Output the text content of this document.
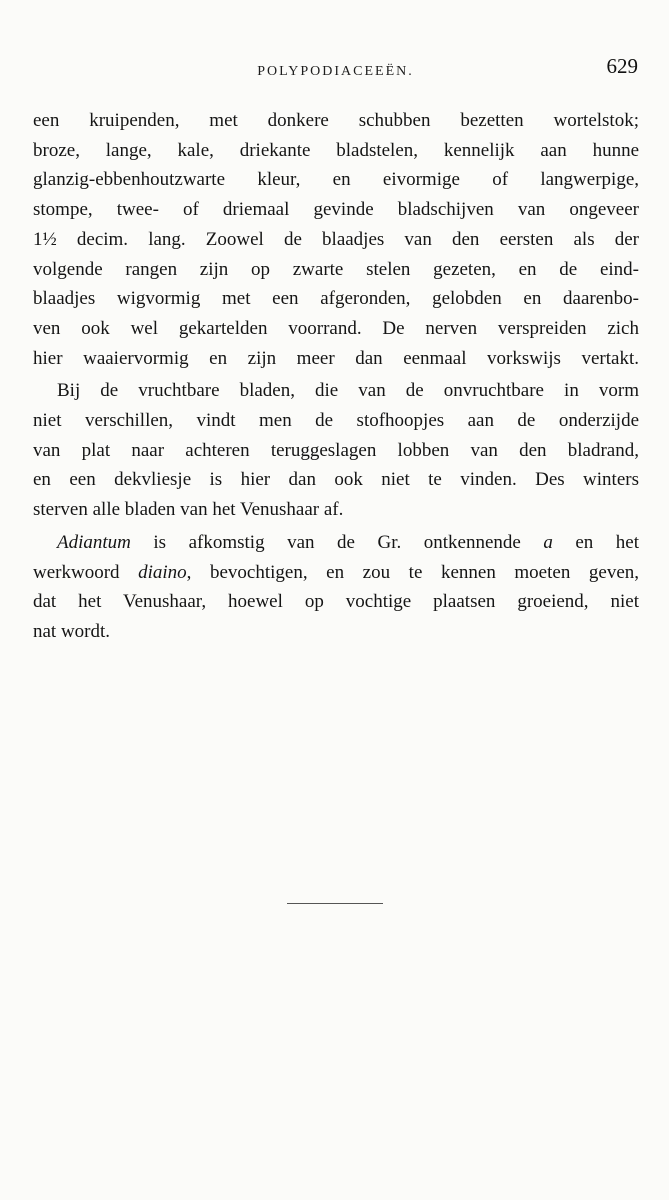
POLYPODIACEEËN.	629
een kruipenden, met donkere schubben bezetten wortelstok;
broze, lange, kale, driekante bladstelen, kennelijk aan hunne
glanzig-ebbenhoutzwarte kleur, en eivormige of langwerpige,
stompe, twee- of driemaal gevinde bladschijven van ongeveer
1½ decim. lang. Zoowel de blaadjes van den eersten als der
volgende rangen zijn op zwarte stelen gezeten, en de eind-
blaadjes wigvormig met een afgeronden, gelobden en daarenbo-
ven ook wel gekartelden voorrand. De nerven verspreiden zich
hier waaiervormig en zijn meer dan eenmaal vorkswijs vertakt.
Bij de vruchtbare bladen, die van de onvruchtbare in vorm
niet verschillen, vindt men de stofhoopjes aan de onderzijde
van plat naar achteren teruggeslagen lobben van den bladrand,
en een dekvliesje is hier dan ook niet te vinden. Des winters
sterven alle bladen van het Venushaar af.
Adiantum is afkomstig van de Gr. ontkennende a en het
werkwoord diaino, bevochtigen, en zou te kennen moeten geven,
dat het Venushaar, hoewel op vochtige plaatsen groeiend, niet
nat wordt.
